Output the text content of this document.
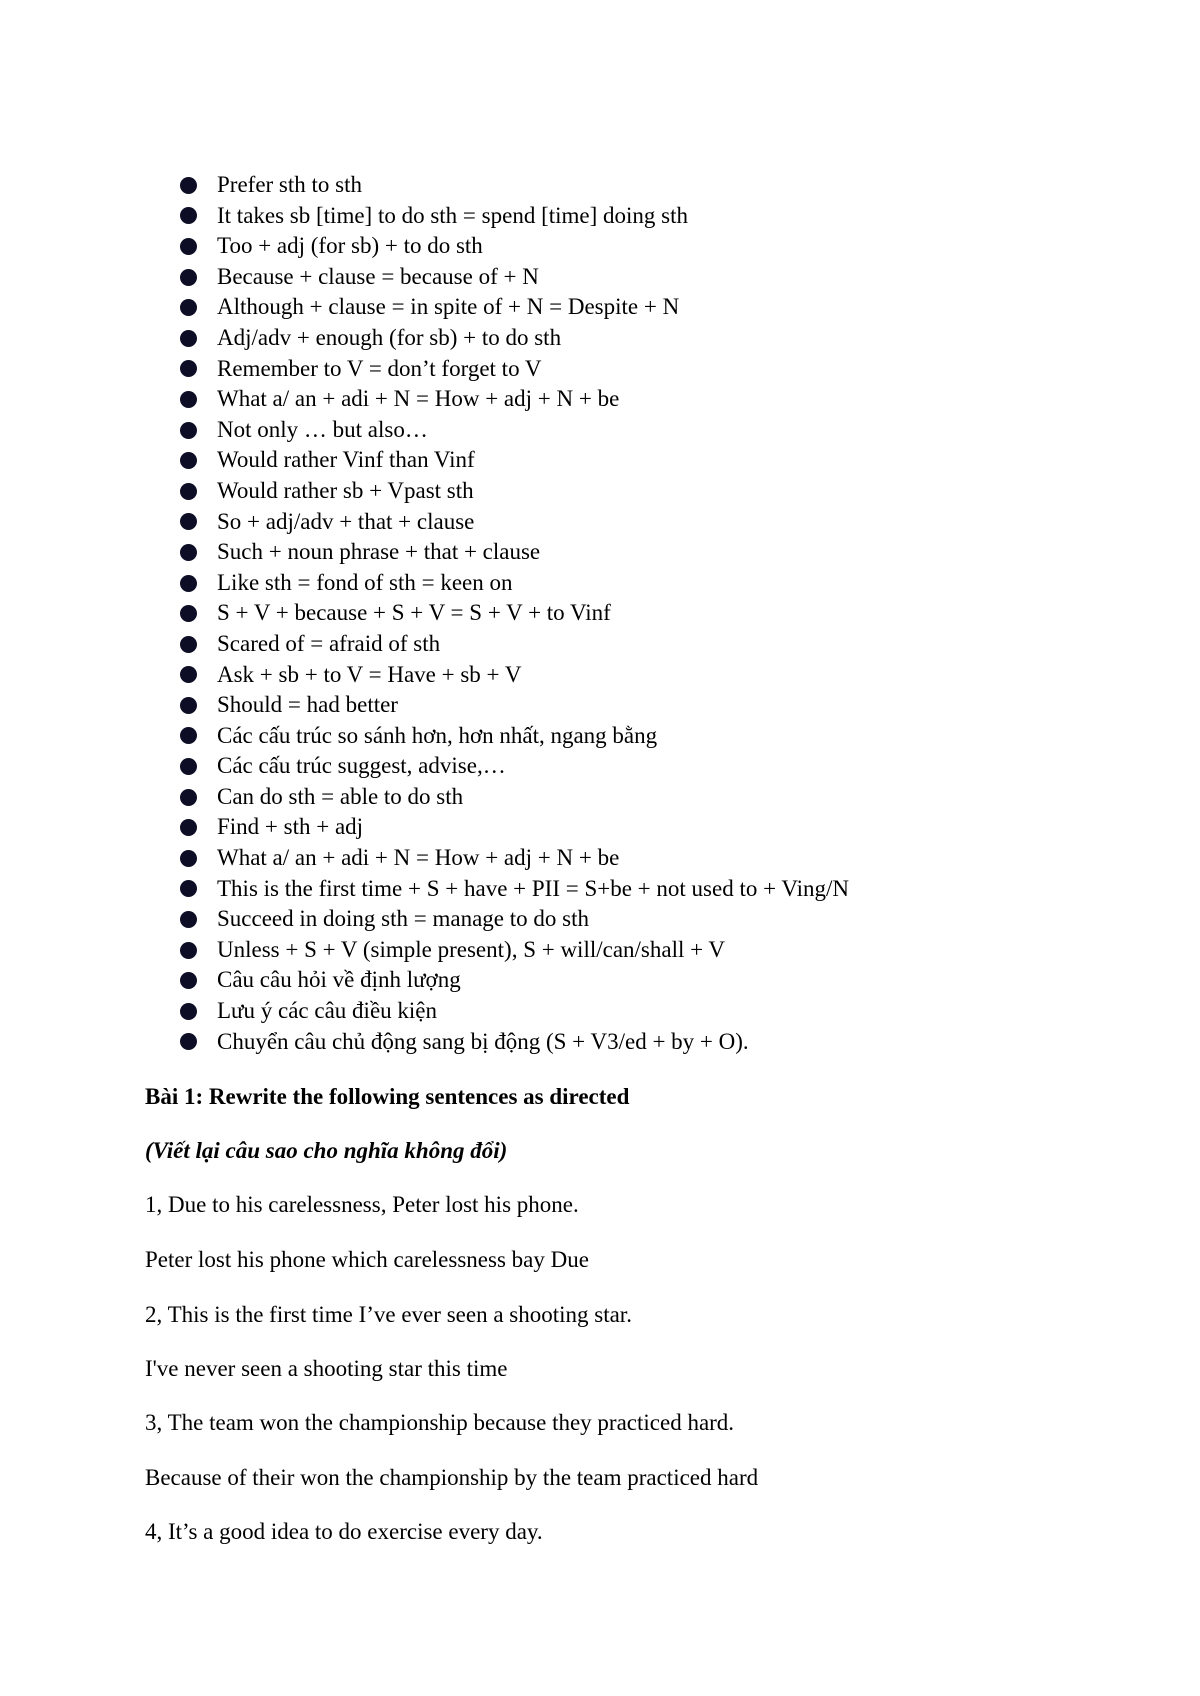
Prefer sth to sth
It takes sb [time] to do sth = spend [time] doing sth
Too + adj (for sb) + to do sth
Because + clause = because of + N
Although + clause = in spite of + N = Despite + N
Adj/adv + enough (for sb) + to do sth
Remember to V = don’t forget to V
What a/ an + adi + N = How + adj + N + be
Not only … but also…
Would rather Vinf than Vinf
Would rather sb + Vpast sth
So + adj/adv + that + clause
Such + noun phrase + that + clause
Like sth = fond of sth = keen on
S + V + because + S + V = S + V + to Vinf
Scared of = afraid of sth
Ask + sb + to V = Have + sb + V
Should = had better
Các cấu trúc so sánh hơn, hơn nhất, ngang bằng
Các cấu trúc suggest, advise,…
Can do sth = able to do sth
Find + sth + adj
What a/ an + adi + N = How + adj + N + be
This is the first time + S + have + PII = S+be + not used to + Ving/N
Succeed in doing sth = manage to do sth
Unless + S + V (simple present), S + will/can/shall + V
Câu câu hỏi về định lượng
Lưu ý các câu điều kiện
Chuyển câu chủ động sang bị động (S + V3/ed + by + O).
Bài 1: Rewrite the following sentences as directed
(Viết lại câu sao cho nghĩa không đổi)
1, Due to his carelessness, Peter lost his phone.
Peter lost his phone which carelessness bay Due
2, This is the first time I’ve ever seen a shooting star.
I've never seen a shooting star this time
3, The team won the championship because they practiced hard.
Because of their won the championship by the team practiced hard
4, It’s a good idea to do exercise every day.
